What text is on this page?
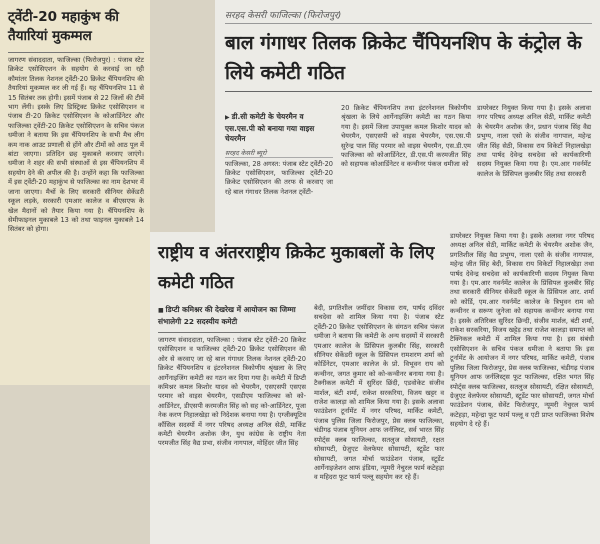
ट्वेंटी-20 महाकुंभ की तैयारियां मुकम्मल

जागरण संवाददाता, फाजिल्का (फिरोजपुर) : पंजाब स्टेट क्रिकेट एसोसिएशन के सहयोग से करवाई जा रही कौमांतर तिलक नेशनल ट्वेंटी-20 क्रिकेट चैंपियनशिप की तैयारियां मुकम्मल कर ली गई हैं। यह चैंपियनशिप 11 से 15 सितंबर तक होगी। इसमें पंजाब से 22 जिलों की टीमें भाग लेंगी। इसके लिए डिस्ट्रिक्ट क्रिकेट एसोसिएशन व पंजाब टी-20 क्रिकेट एसोसिएशन के कोआर्डिनेटर और फाजिल्का ट्वेंटी-20 क्रिकेट एसोसिएशन के सचिव पंकज धमीजा ने बताया कि इस चैंपियनशिप के सभी मैच लीग कम नाक आउट प्रणाली से होंगे और टीमों को आठ पूल में बांटा जाएगा। प्रतिदिन छह मुकाबले करवाए जाएंगे। धमीजा ने शहर की सभी संस्थाओं से इस चैंपियनशिप में सहयोग देने की अपील की है। उन्होंने कहा कि फाजिल्का में इस ट्वेंटी-20 महाकुंभ से फाजिल्का का नाम देशभर में जाना जाएगा। मैचों के लिए सरकारी सीनियर सेकेंडरी स्कूल लड़के, सरकारी एमआर कालेज व बीएसएफ के खेल मैदानों को तैयार किया गया है। चैंपियनशिप के सेमीफाइनल मुकाबले 13 को तथा फाइनल मुकाबले 14 सितंबर को होगा।

सरहद केसरी फाजिल्का (फिरोजपुर)
बाल गंगाधर तिलक क्रिकेट चैंपियनशिप के कंट्रोल के लिये कमेटी गठित
▶ डी.सी कमेटी के चेयरमैन व एस.एस.पी को बनाया गया वाइस चेयरमैन
सरहद केसरी ब्यूरो

फाजिल्का, 28 अगस्त: पंजाब स्टेट ट्वेंटी-20 क्रिकेट एसोसिएशन, फाजिल्का ट्वेंटी-20 क्रिकेट एसोसिएशन की तरफ से करवाए जा रहे बाल गंगाधर तिलक नेशनल ट्वेंटी-

20 क्रिकेट चैंपियनशिप तथा इंटरनेशनल त्रिकोणीय श्रृंखला के लिये आर्गेनाइजिंग कमेटी का गठन किया गया है। इसमें जिला उपायुक्त कमल किशोर यादव को चेयरमैन, एसएसपी को वाइस चेयरमैन, एस.एस.पी सुरेन्द्र पाल सिंह परमार को वाइस चेयरमैन, एस.डी.एम फाजिल्का को कोआर्डिनेटर, डी.एस.पी करमजीत सिंह को सहायक कोआर्डिनेटर व कन्वीनर पंकज धमीजा को

डायरेक्टर नियुक्त किया गया है। इसके अलावा नगर परिषद अध्यक्ष अनिल सेठी, मार्किट कमेटी के चेयरमैन अशोक जैन, प्रधान पंजाब सिंह वैद्य प्रभुग्य, नाला एसो के संजीव नागपाल, महेन्द्र जीत सिंह सेठी, विकास राय विकेटों निहालखेड़ा तथा पार्षद देवेन्द्र सचदेवा को कार्यकारिणी सदस्य नियुक्त किया गया है। एम.आर गवर्नमेंट कालेज के प्रिंसिपल कुलबीर सिंह तथा सरकारी

राष्ट्रीय व अंतरराष्ट्रीय क्रिकेट मुकाबलों के लिए कमेटी गठित
■ डिप्टी कमिश्नर की देखरेख में आयोजन का जिम्मा संभालेगी 22 सदस्यीय कमेटी

जागरण संवाददाता, फाजिल्का : पंजाब स्टेट ट्वेंटी-20 क्रिकेट एसोसिएशन व फाजिल्का ट्वेंटी-20 क्रिकेट एसोसिएशन की ओर से करवाए जा रहे बाल गंगाधर तिलक नेशनल ट्वेंटी-20 क्रिकेट चैंपियनशिप व इंटरनेशनल त्रिकोणीय श्रृंखला के लिए आर्गेनाइजिंग कमेटी का गठन कर दिया गया है। कमेटी में डिप्टी कमिश्नर कमल किशोर यादव को चेयरमैन, एसएसपी एसएस परमार को वाइस चेयरमैन, एसडीएम फाजिल्का को को-आर्डिनेटर, डीएसपी करमजीत सिंह को सह को-आर्डिनेटर, पूजा नेक करण निहालखेड़ा को निदेशक बनाया गया है। एग्जीक्यूटिव कौंसिल सदस्यों में नगर परिषद अध्यक्ष अनिल सेठी, मार्किट कमेटी चेयरमैन अशोक जैन, युथ कांग्रेस के राष्ट्रीय नेता परमजीत सिंह वैद्य प्रभा, संजीव नागपाल, मोहिंदर जीत सिंह

बेदी, प्रगतिशील जमींदार विकास राय, पार्षद दविंदर सचदेवा को शामिल किया गया है। पंजाब स्टेट ट्वेंटी-20 क्रिकेट एसोसिएशन के संगठन सचिव पंकज धमीजा ने बताया कि कमेटी के अन्य सदस्यों में सरकारी एमआर कालेज के प्रिंसिपल कुलबीर सिंह, सरकारी सीनियर सेकेंडरी स्कूल के प्रिंसिपल रामशरण शर्मा को कोर्डिनेटर, एमआर कालेज के प्रो. विभूवन राय को कन्वीनर, जगत कुमार को को-कन्वीनर बनाया गया है। टैक्नीकल कमेटी में सुरिंदर छिंदी, एडवोकेट संजीव मार्शल, बंटी शर्मा, राकेश सरकरिया, विजय खट्टर व राजेश कालड़ा को शामिल किया गया है। इसके अलावा फाउंडेशन टूर्नामेंट में नगर परिषद, मार्किट कमेटी, पंजाब पुलिस जिला फिरोजपुर, प्रेस क्लब फाजिल्का, चंडीगढ़ पंजाब यूनियन आफ जर्नलिस्ट, सर्व भारत सिंह स्पोर्ट्स क्लब फाजिल्का, सतलुज सोसायटी, रक्षत सोसायटी, ग्रेजुएट वेलफेयर सोसायटी, स्टूडेंट फार सोसायटी, जगत मोर्चा फाउंडेशन पंजाब, स्टूडेंट आर्गेनाइजेशन आफ इंडिया, न्यूमरी नेचुरल फार्म कटेहड़ा व महिदरा फूट फार्म पल्लू सहयोग कर रहे हैं।

डायरेक्टर नियुक्त किया गया है। इसके अलावा नगर परिषद अध्यक्ष अनिल सेठी, मार्किट कमेटी के चेयरमैन अशोक जैन, प्रगतिशील सिंह वैद्य प्रभुग्य, नाला एसो के संजीव नागपाल, महेन्द्र जीत सिंह बेदी, विकास राय विकेटों निहालखेड़ा तथा पार्षद देवेन्द्र सचदेवा को कार्यकारिणी सदस्य नियुक्त किया गया है। एम.आर गवर्नमेंट कालेज के प्रिंसिपल कुलबीर सिंह तथा सरकारी सीनियर सेकेंडरी स्कूल के प्रिंसिपल आर. शर्मा को कोर्डि, एम.आर गवर्नमेंट कालेज के त्रिभुवन राम को कन्वीनर व सरूण जुनेजा को सहायक कन्वीनर बनाया गया है। इसके अतिरिक्त सुरिंदर छिन्दी, संजीव मार्शल, बंटी शर्मा, राकेश सरकरिया, विजय खट्टेड़ तथा राजेश कालड़ा समाप्त को टैक्निकल कमेटी में शामिल किया गया है। इस संबंधी एसोसिएशन के सचिव पंकज धमीजा ने बताया कि इस टूर्नामेंट के आयोजन में नगर परिषद, मार्किट कमेटी, पंजाब पुलिस जिला फिरोजपुर, प्रेस क्लब फाजिल्का, चंडीगढ़ पंजाब यूनियन आफ जर्नलिस्ट्स फूट फाजिल्का, रक्षित भगत सिंह स्पोर्ट्स क्लब फाजिल्का, सतलुज सोसायटी, रक्षित सोसायटी, ग्रेजुएट वेलफेयर सोसायटी, स्टूडेंट फार सोसायटी, जगत मोर्चा फाउंडेशन पंजाब, सेवेंट फिरोजपुर, न्यूमरी नेचुरल फार्म कटेहड़ा, महेन्द्रा फूट फार्म पल्लू व एटी प्राप्त फाजिल्का विशेष सहयोग दे रहे हैं।
